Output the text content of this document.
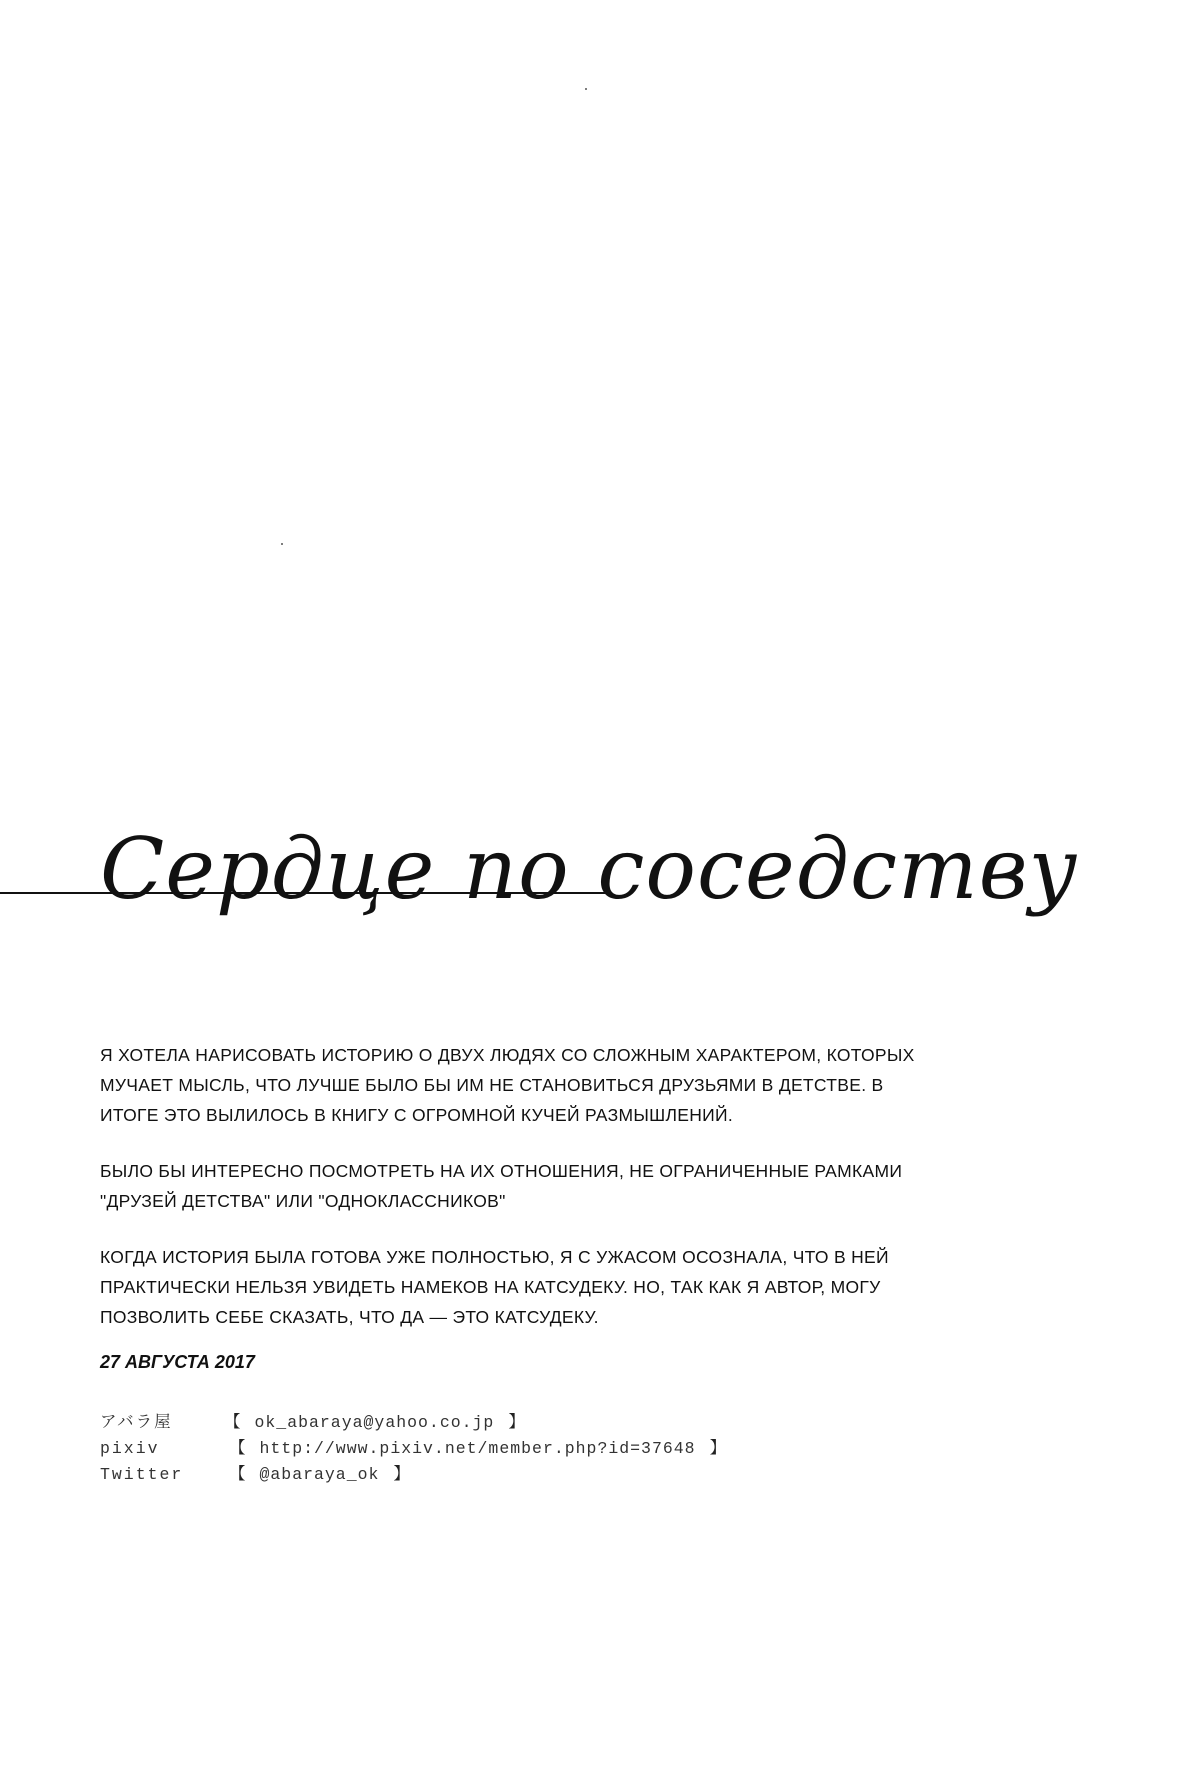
Сердце по соседству

Я ХОТЕЛА НАРИСОВАТЬ ИСТОРИЮ О ДВУХ ЛЮДЯХ СО СЛОЖНЫМ ХАРАКТЕРОМ, КОТОРЫХ МУЧАЕТ МЫСЛЬ, ЧТО ЛУЧШЕ БЫЛО БЫ ИМ НЕ СТАНОВИТЬСЯ ДРУЗЬЯМИ В ДЕТСТВЕ. В ИТОГЕ ЭТО ВЫЛИЛОСЬ В КНИГУ С ОГРОМНОЙ КУЧЕЙ РАЗМЫШЛЕНИЙ.

БЫЛО БЫ ИНТЕРЕСНО ПОСМОТРЕТЬ НА ИХ ОТНОШЕНИЯ, НЕ ОГРАНИЧЕННЫЕ РАМКАМИ "ДРУЗЕЙ ДЕТСТВА" ИЛИ "ОДНОКЛАССНИКОВ"

КОГДА ИСТОРИЯ БЫЛА ГОТОВА УЖЕ ПОЛНОСТЬЮ, Я С УЖАСОМ ОСОЗНАЛА, ЧТО В НЕЙ ПРАКТИЧЕСКИ НЕЛЬЗЯ УВИДЕТЬ НАМЕКОВ НА КАТСУДЕКУ. НО, ТАК КАК Я АВТОР, МОГУ ПОЗВОЛИТЬ СЕБЕ СКАЗАТЬ, ЧТО ДА — ЭТО КАТСУДЕКУ.

27 АВГУСТА 2017
アバラ屋	【 ok_abaraya@yahoo.co.jp 】
pixiv	【 http://www.pixiv.net/member.php?id=37648 】
Twitter	【 @abaraya_ok 】
